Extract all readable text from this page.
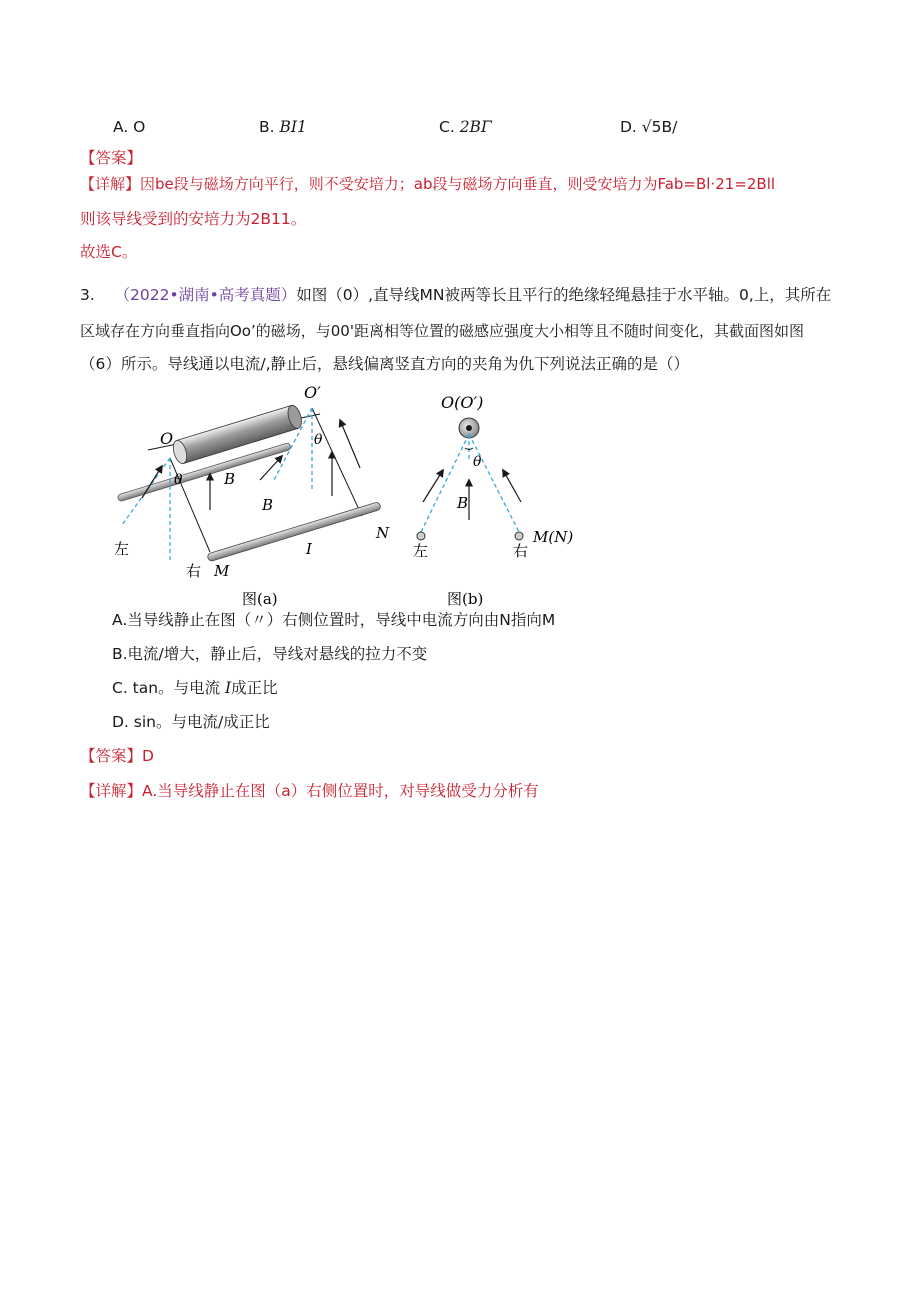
A. O	B. BI1	C. 2BΓ	D. √5B/
【答案】
【详解】因be段与磁场方向平行，则不受安培力；ab段与磁场方向垂直，则受安培力为Fab=Bl·21=2Bll
则该导线受到的安培力为2B11。
故选C。
3. （2022•湖南•高考真题）如图（0）,直导线MN被两等长且平行的绝缘轻绳悬挂于水平轴。0,上，其所在
区域存在方向垂直指向Oo’的磁场，与00'距离相等位置的磁感应强度大小相等且不随时间变化，其截面图如图
（6）所示。导线通以电流/,静止后，悬线偏离竖直方向的夹角为仇下列说法正确的是（）
O
O′
θ
θ
B
B
I
N
M
左
右
图(a)
O(O′)
θ
B
左	右
M(N)
图(b)
A.当导线静止在图（〃）右侧位置时，导线中电流方向由N指向M
B.电流/增大，静止后，导线对悬线的拉力不变
C. tan。与电流 I成正比
D. sin。与电流/成正比
【答案】D
【详解】A.当导线静止在图（a）右侧位置时，对导线做受力分析有
